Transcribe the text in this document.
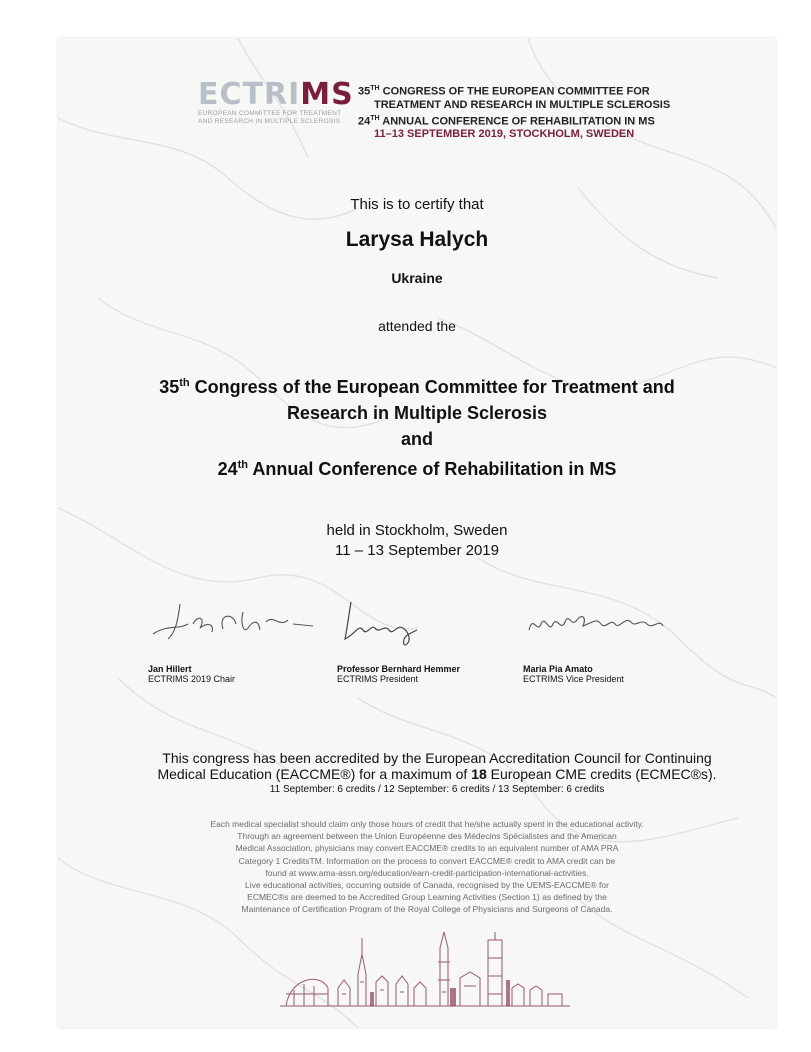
ECTRIMS
EUROPEAN COMMITTEE FOR TREATMENT
AND RESEARCH IN MULTIPLE SCLEROSIS
35TH CONGRESS OF THE EUROPEAN COMMITTEE FOR
TREATMENT AND RESEARCH IN MULTIPLE SCLEROSIS
24TH ANNUAL CONFERENCE OF REHABILITATION IN MS
11–13 SEPTEMBER 2019, STOCKHOLM, SWEDEN
This is to certify that
Larysa Halych
Ukraine
attended the
35th Congress of the European Committee for Treatment and
Research in Multiple Sclerosis
and
24th Annual Conference of Rehabilitation in MS
held in Stockholm, Sweden
11 – 13 September 2019
Jan Hillert
ECTRIMS 2019 Chair
Professor Bernhard Hemmer
ECTRIMS President
Maria Pia Amato
ECTRIMS Vice President
This congress has been accredited by the European Accreditation Council for Continuing
Medical Education (EACCME®) for a maximum of 18 European CME credits (ECMEC®s).
11 September: 6 credits / 12 September: 6 credits / 13 September: 6 credits
Each medical specialist should claim only those hours of credit that he/she actually spent in the educational activity.
Through an agreement between the Union Européenne des Médecins Spécialistes and the American
Medical Association, physicians may convert EACCME® credits to an equivalent number of AMA PRA
Category 1 CreditsTM. Information on the process to convert EACCME® credit to AMA credit can be
found at www.ama-assn.org/education/earn-credit-participation-international-activities.
Live educational activities, occurring outside of Canada, recognised by the UEMS-EACCME® for
ECMEC®s are deemed to be Accredited Group Learning Activities (Section 1) as defined by the
Maintenance of Certification Program of the Royal College of Physicians and Surgeons of Canada.
